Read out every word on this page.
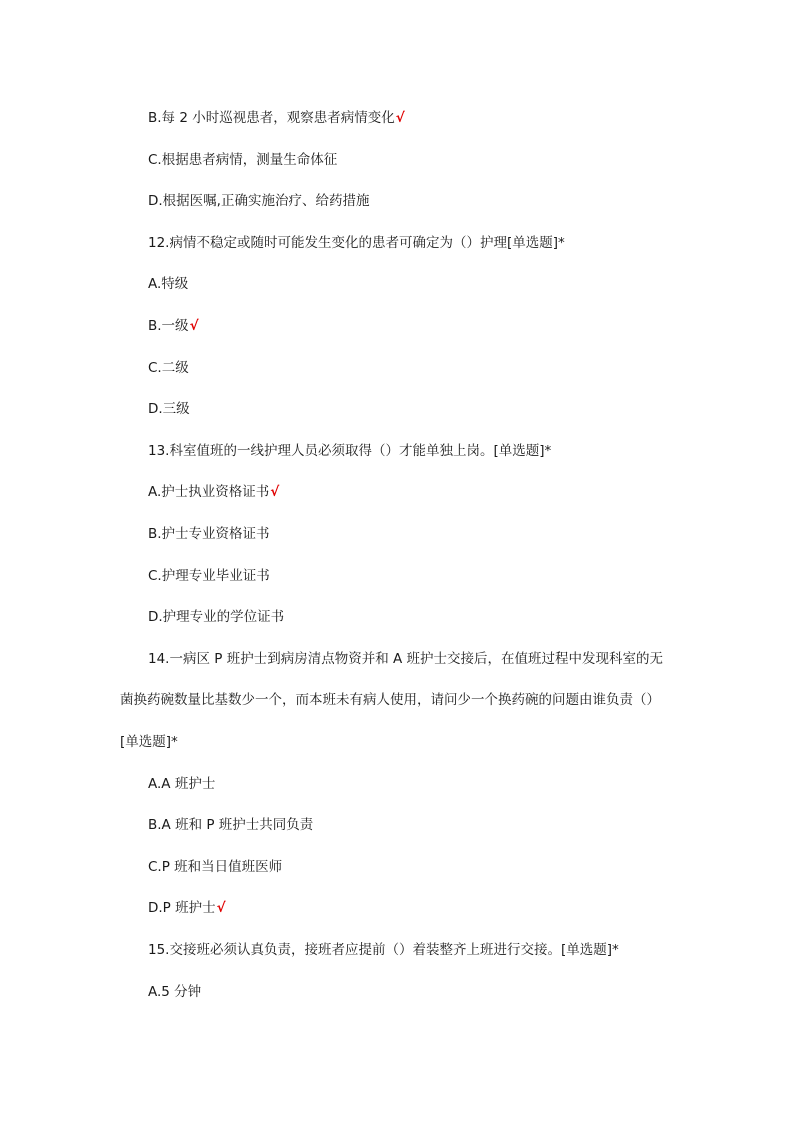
B.每 2 小时巡视患者，观察患者病情变化√
C.根据患者病情，测量生命体征
D.根据医嘱,正确实施治疗、给药措施
12.病情不稳定或随时可能发生变化的患者可确定为（）护理[单选题]*
A.特级
B.一级√
C.二级
D.三级
13.科室值班的一线护理人员必须取得（）才能单独上岗。[单选题]*
A.护士执业资格证书√
B.护士专业资格证书
C.护理专业毕业证书
D.护理专业的学位证书
14.一病区 P 班护士到病房清点物资并和 A 班护士交接后，在值班过程中发现科室的无
菌换药碗数量比基数少一个，而本班未有病人使用，请问少一个换药碗的问题由谁负责（）
[单选题]*
A.A 班护士
B.A 班和 P 班护士共同负责
C.P 班和当日值班医师
D.P 班护士√
15.交接班必须认真负责，接班者应提前（）着装整齐上班进行交接。[单选题]*
A.5 分钟
